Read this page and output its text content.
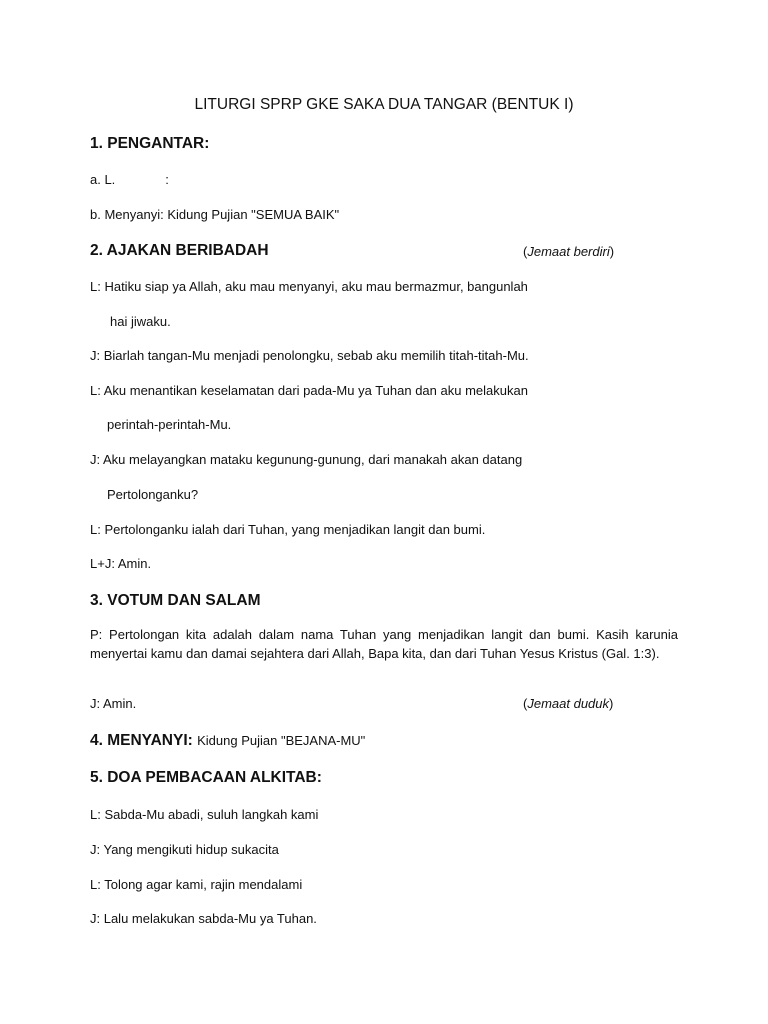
LITURGI SPRP GKE SAKA DUA TANGAR (BENTUK I)
1. PENGANTAR:
a. L.	:
b. Menyanyi: Kidung Pujian "SEMUA BAIK"
2. AJAKAN BERIBADAH	(Jemaat berdiri)
L: Hatiku siap ya Allah, aku mau menyanyi, aku mau bermazmur, bangunlah
hai jiwaku.
J: Biarlah tangan-Mu menjadi penolongku, sebab aku memilih titah-titah-Mu.
L: Aku menantikan keselamatan dari pada-Mu ya Tuhan dan aku melakukan
perintah-perintah-Mu.
J: Aku melayangkan mataku kegunung-gunung, dari manakah akan datang
Pertolonganku?
L: Pertolonganku ialah dari Tuhan, yang menjadikan langit dan bumi.
L+J: Amin.
3. VOTUM DAN SALAM
P: Pertolongan kita adalah dalam nama Tuhan yang menjadikan langit dan bumi. Kasih karunia menyertai kamu dan damai sejahtera dari Allah, Bapa kita, dan dari Tuhan Yesus Kristus (Gal. 1:3).
J: Amin.	(Jemaat duduk)
4. MENYANYI: Kidung Pujian "BEJANA-MU"
5. DOA PEMBACAAN ALKITAB:
L: Sabda-Mu abadi, suluh langkah kami
J: Yang mengikuti hidup sukacita
L: Tolong agar kami, rajin mendalami
J: Lalu melakukan sabda-Mu ya Tuhan.
